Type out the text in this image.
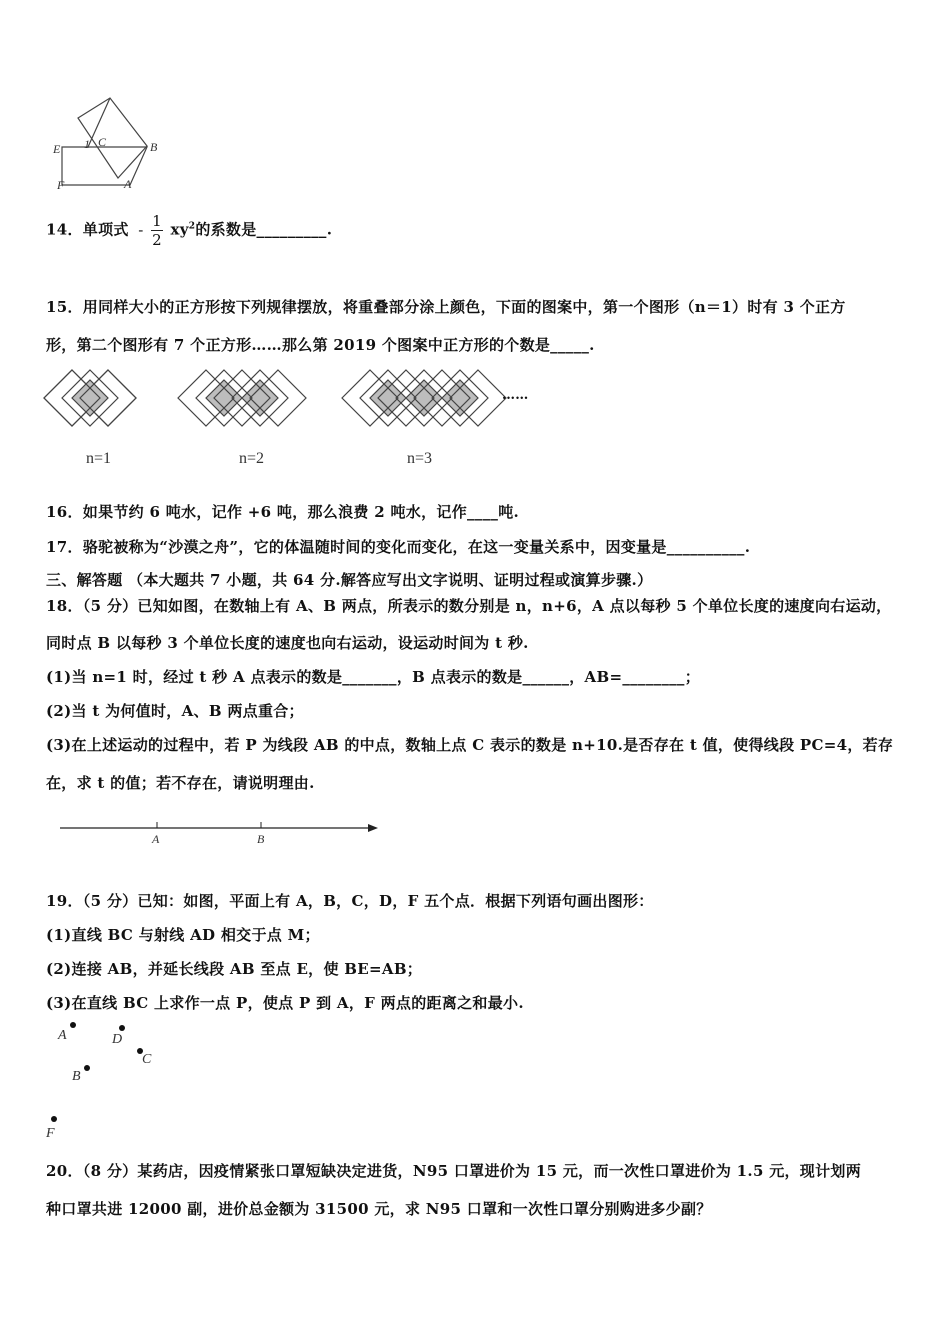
E 1 C	B
F	A
14．单项式 - $\frac{1}{2} xy^2$的系数是_________.
15．用同样大小的正方形按下列规律摆放，将重叠部分涂上颜色，下面的图案中，第一个图形（n＝1）时有 3 个正方
形，第二个图形有 7 个正方形……那么第 2019 个图案中正方形的个数是_____.
……
n=1	n=2	n=3
16．如果节约 6 吨水，记作 +6 吨，那么浪费 2 吨水，记作____吨.
17．骆驼被称为“沙漠之舟”，它的体温随时间的变化而变化，在这一变量关系中，因变量是__________.
三、解答题 （本大题共 7 小题，共 64 分.解答应写出文字说明、证明过程或演算步骤.）
18．（5 分）已知如图，在数轴上有 A、B 两点，所表示的数分别是 n，n+6，A 点以每秒 5 个单位长度的速度向右运动，
同时点 B 以每秒 3 个单位长度的速度也向右运动，设运动时间为 t 秒.
(1)当 n=1 时，经过 t 秒 A 点表示的数是_______，B 点表示的数是______，AB=________；
(2)当 t 为何值时，A、B 两点重合；
(3)在上述运动的过程中，若 P 为线段 AB 的中点，数轴上点 C 表示的数是 n+10.是否存在 t 值，使得线段 PC=4，若存
在，求 t 的值；若不存在，请说明理由.
A	B
19．（5 分）已知：如图，平面上有 A，B，C，D，F 五个点．根据下列语句画出图形：
(1)直线 BC 与射线 AD 相交于点 M；
(2)连接 AB，并延长线段 AB 至点 E，使 BE=AB；
(3)在直线 BC 上求作一点 P，使点 P 到 A，F 两点的距离之和最小.
A	D
C
B
F
20．（8 分）某药店，因疫情紧张口罩短缺决定进货，N95 口罩进价为 15 元，而一次性口罩进价为 1.5 元，现计划两
种口罩共进 12000 副，进价总金额为 31500 元，求 N95 口罩和一次性口罩分别购进多少副？
